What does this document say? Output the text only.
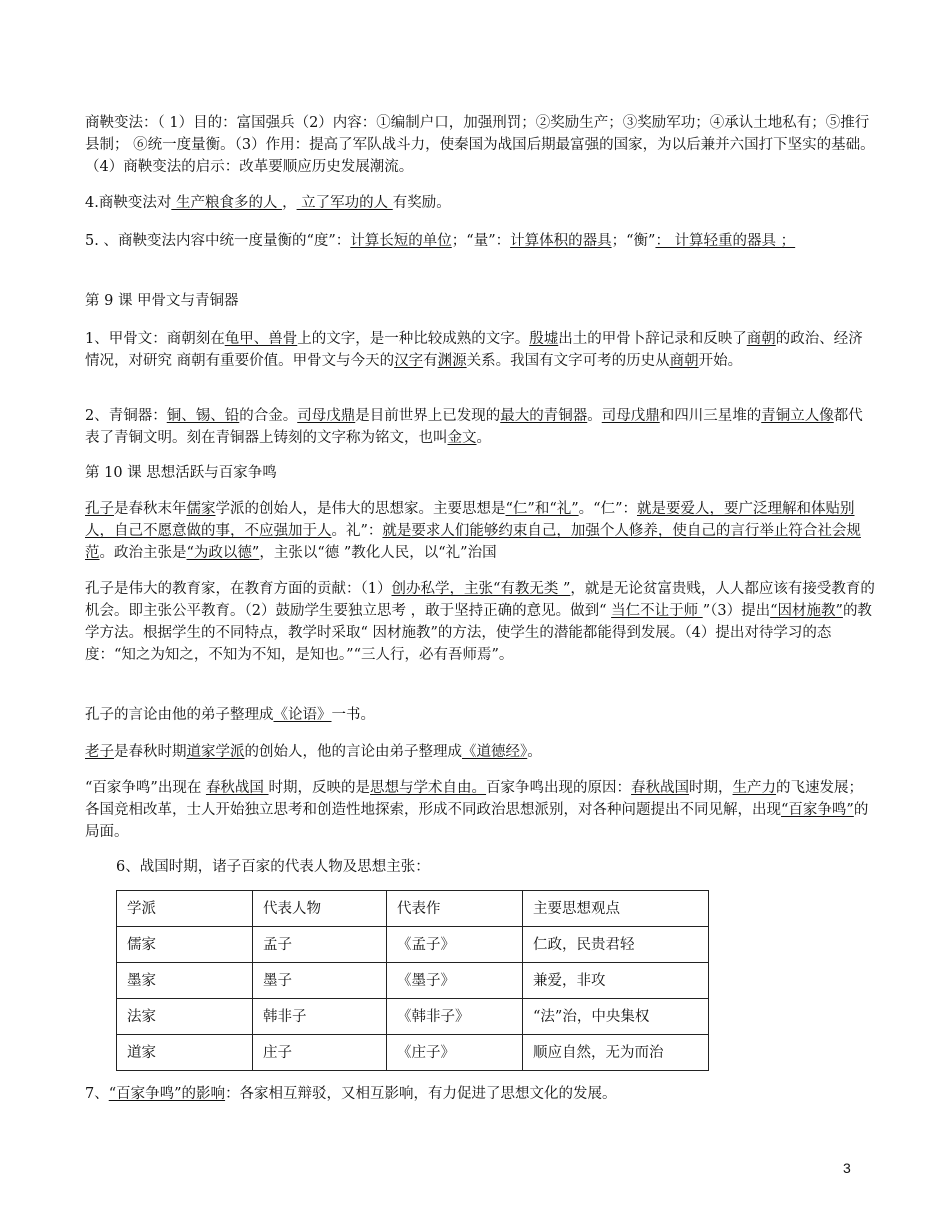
商鞅变法：（ 1）目的：富国强兵（2）内容：①编制户口，加强刑罚；②奖励生产；③奖励军功；④承认土地私有；⑤推行县制； ⑥统一度量衡。（3）作用：提高了军队战斗力，使秦国为战国后期最富强的国家，为以后兼并六国打下坚实的基础。（4）商鞅变法的启示：改革要顺应历史发展潮流。

4.商鞅变法对 生产粮食多的人 ， 立了军功的人 有奖励。

5. 、商鞅变法内容中统一度量衡的“度”：计算长短的单位；“量”：计算体积的器具；“衡”： 计算轻重的器具 ；

第 9 课 甲骨文与青铜器

1、甲骨文：商朝刻在龟甲、兽骨上的文字，是一种比较成熟的文字。殷墟出土的甲骨卜辞记录和反映了商朝的政治、经济情况，对研究 商朝有重要价值。甲骨文与今天的汉字有渊源关系。我国有文字可考的历史从商朝开始。

2、青铜器：铜、锡、铅的合金。司母戊鼎是目前世界上已发现的最大的青铜器。司母戊鼎和四川三星堆的青铜立人像都代表了青铜文明。刻在青铜器上铸刻的文字称为铭文，也叫金文。

第 10 课 思想活跃与百家争鸣

孔子是春秋末年儒家学派的创始人，是伟大的思想家。主要思想是“仁”和“礼”。“仁”：就是要爱人，要广泛理解和体贴别人，自己不愿意做的事，不应强加于人。礼”：就是要求人们能够约束自己，加强个人修养，使自己的言行举止符合社会规范。政治主张是“为政以德”，主张以“德 ”教化人民，以“礼”治国

孔子是伟大的教育家，在教育方面的贡献：（1）创办私学，主张“有教无类 ”，就是无论贫富贵贱，人人都应该有接受教育的机会。即主张公平教育。（2）鼓励学生要独立思考 ，敢于坚持正确的意见。做到“ 当仁不让于师 ”（3）提出“因材施教”的教学方法。根据学生的不同特点，教学时采取“ 因材施教”的方法，使学生的潜能都能得到发展。（4）提出对待学习的态度：“知之为知之，不知为不知，是知也。”“三人行，必有吾师焉”。

孔子的言论由他的弟子整理成《论语》一书。

老子是春秋时期道家学派的创始人，他的言论由弟子整理成《道德经》。

“百家争鸣”出现在 春秋战国 时期，反映的是思想与学术自由。百家争鸣出现的原因：春秋战国时期，生产力的飞速发展；各国竞相改革，士人开始独立思考和创造性地探索，形成不同政治思想派别，对各种问题提出不同见解，出现“百家争鸣”的局面。

6、战国时期，诸子百家的代表人物及思想主张：

学派	代表人物	代表作	主要思想观点
儒家	孟子	《孟子》	仁政，民贵君轻
墨家	墨子	《墨子》	兼爱，非攻
法家	韩非子	《韩非子》	“法”治，中央集权
道家	庄子	《庄子》	顺应自然，无为而治

7、“百家争鸣”的影响：各家相互辩驳，又相互影响，有力促进了思想文化的发展。

3
